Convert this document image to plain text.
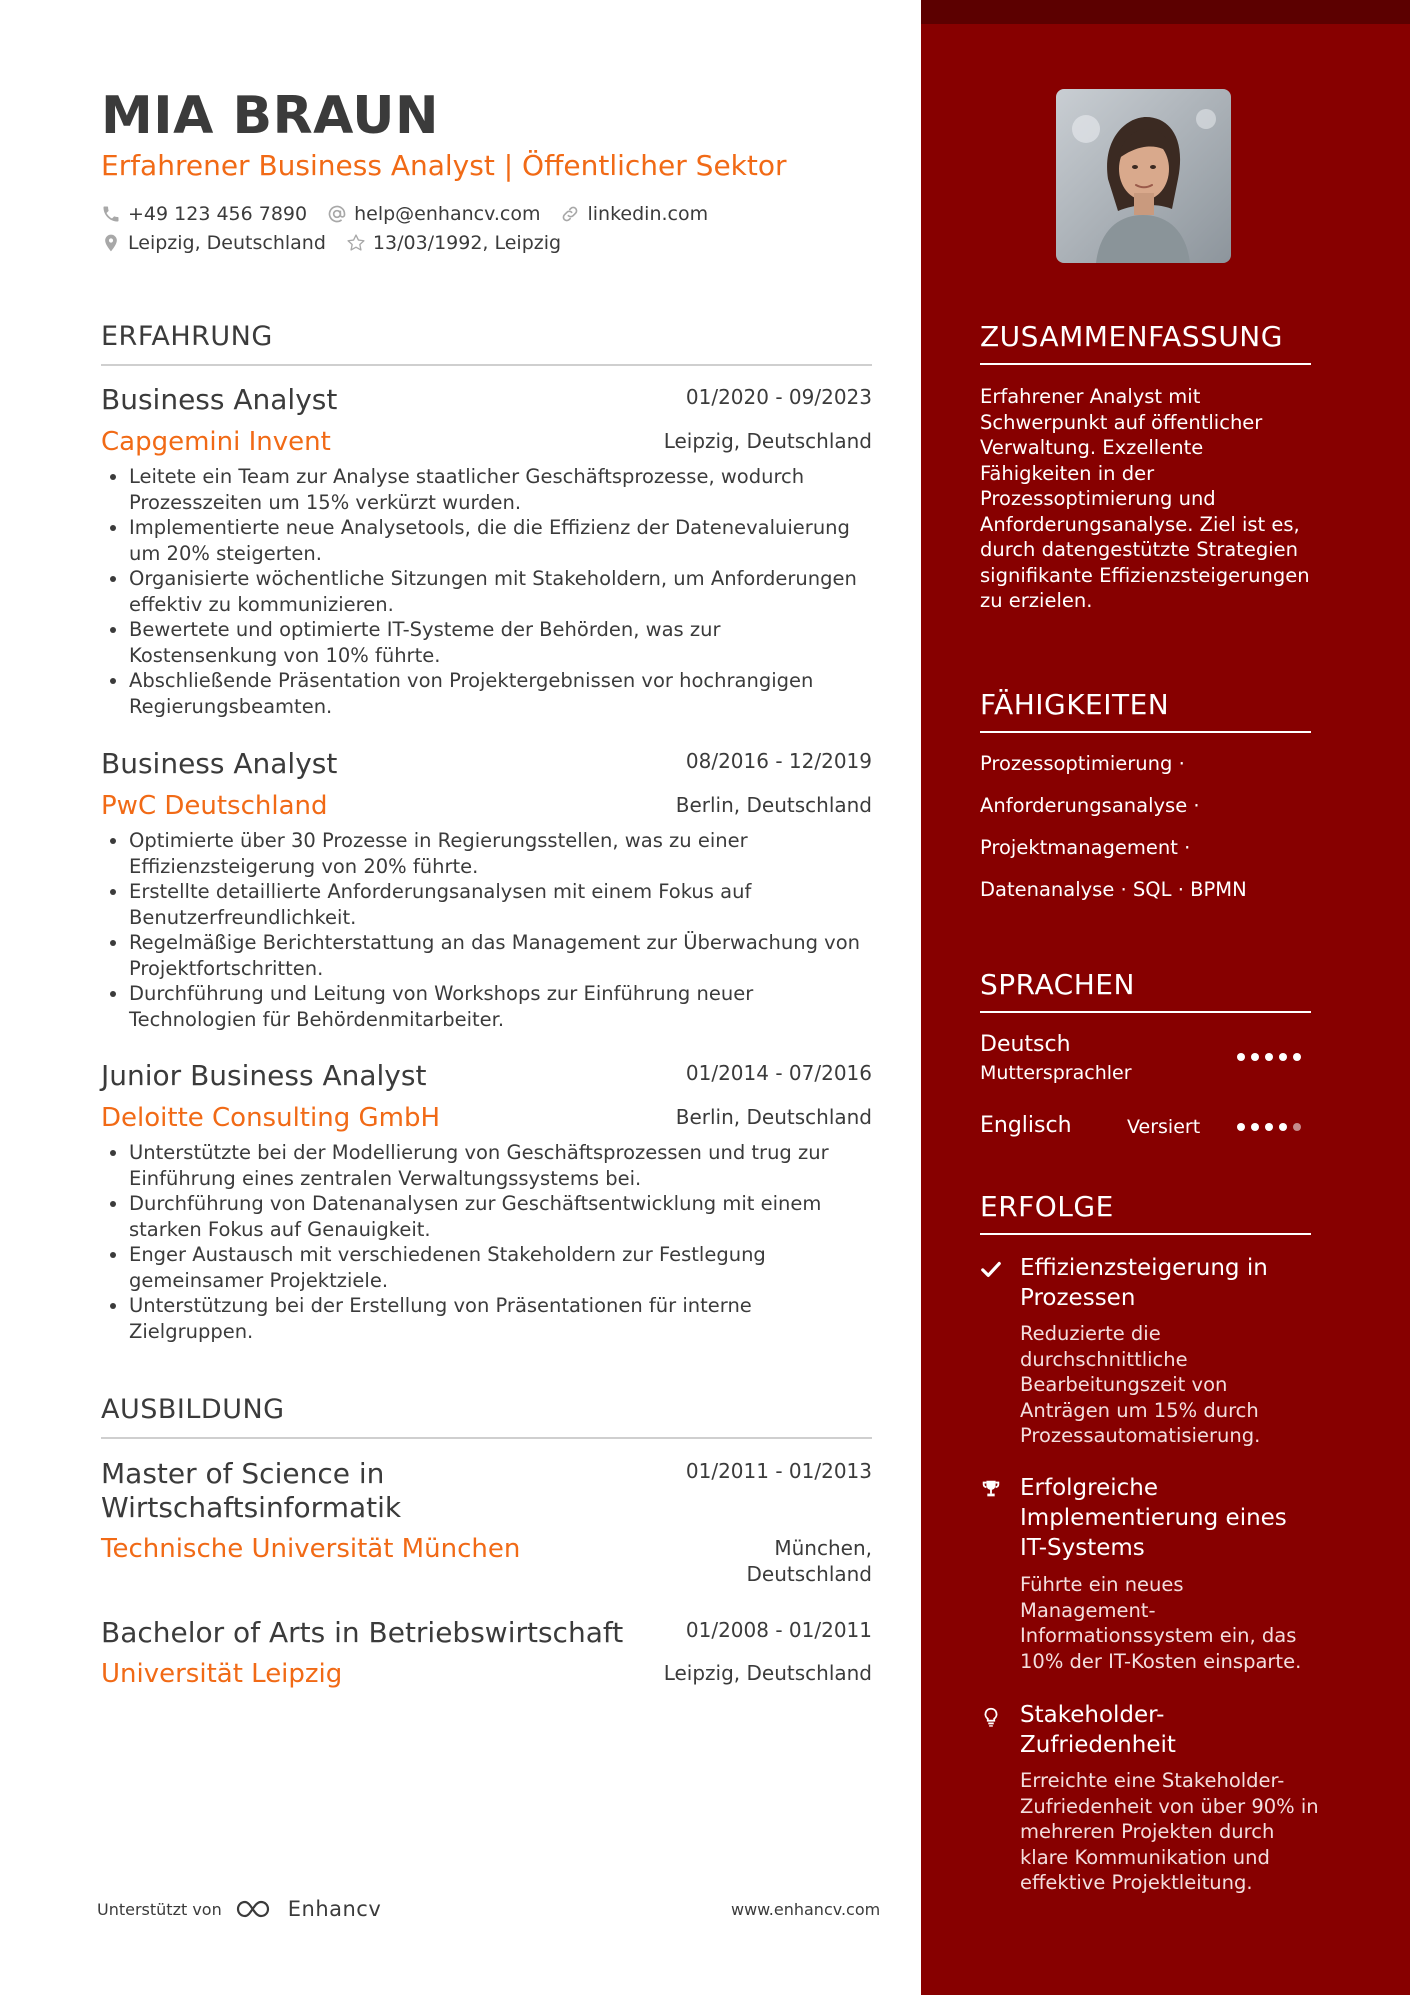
MIA BRAUN
Erfahrener Business Analyst | Öffentlicher Sektor
+49 123 456 7890 help@enhancv.com linkedin.com
Leipzig, Deutschland 13/03/1992, Leipzig
ERFAHRUNG
Business Analyst	01/2020 - 09/2023
Capgemini Invent	Leipzig, Deutschland
• Leitete ein Team zur Analyse staatlicher Geschäftsprozesse, wodurch Prozesszeiten um 15% verkürzt wurden.
• Implementierte neue Analysetools, die die Effizienz der Datenevaluierung um 20% steigerten.
• Organisierte wöchentliche Sitzungen mit Stakeholdern, um Anforderungen effektiv zu kommunizieren.
• Bewertete und optimierte IT-Systeme der Behörden, was zur Kostensenkung von 10% führte.
• Abschließende Präsentation von Projektergebnissen vor hochrangigen Regierungsbeamten.
Business Analyst	08/2016 - 12/2019
PwC Deutschland	Berlin, Deutschland
• Optimierte über 30 Prozesse in Regierungsstellen, was zu einer Effizienzsteigerung von 20% führte.
• Erstellte detaillierte Anforderungsanalysen mit einem Fokus auf Benutzerfreundlichkeit.
• Regelmäßige Berichterstattung an das Management zur Überwachung von Projektfortschritten.
• Durchführung und Leitung von Workshops zur Einführung neuer Technologien für Behördenmitarbeiter.
Junior Business Analyst	01/2014 - 07/2016
Deloitte Consulting GmbH	Berlin, Deutschland
• Unterstützte bei der Modellierung von Geschäftsprozessen und trug zur Einführung eines zentralen Verwaltungssystems bei.
• Durchführung von Datenanalysen zur Geschäftsentwicklung mit einem starken Fokus auf Genauigkeit.
• Enger Austausch mit verschiedenen Stakeholdern zur Festlegung gemeinsamer Projektziele.
• Unterstützung bei der Erstellung von Präsentationen für interne Zielgruppen.
AUSBILDUNG
Master of Science in
Wirtschaftsinformatik
01/2011 - 01/2013
Technische Universität München	München,
Deutschland
Bachelor of Arts in Betriebswirtschaft	01/2008 - 01/2011
Universität Leipzig	Leipzig, Deutschland
Unterstützt von	Enhancv	www.enhancv.com
ZUSAMMENFASSUNG
Erfahrener Analyst mit Schwerpunkt auf öffentlicher Verwaltung. Exzellente Fähigkeiten in der Prozessoptimierung und Anforderungsanalyse. Ziel ist es, durch datengestützte Strategien signifikante Effizienzsteigerungen zu erzielen.
FÄHIGKEITEN
Prozessoptimierung ·
Anforderungsanalyse ·
Projektmanagement ·
Datenanalyse · SQL · BPMN
SPRACHEN
Deutsch
Muttersprachler
Englisch	Versiert
ERFOLGE
Effizienzsteigerung in Prozessen
Reduzierte die durchschnittliche Bearbeitungszeit von Anträgen um 15% durch Prozessautomatisierung.
Erfolgreiche Implementierung eines IT-Systems
Führte ein neues Management-Informationssystem ein, das 10% der IT-Kosten einsparte.
Stakeholder-Zufriedenheit
Erreichte eine Stakeholder-Zufriedenheit von über 90% in mehreren Projekten durch klare Kommunikation und effektive Projektleitung.
